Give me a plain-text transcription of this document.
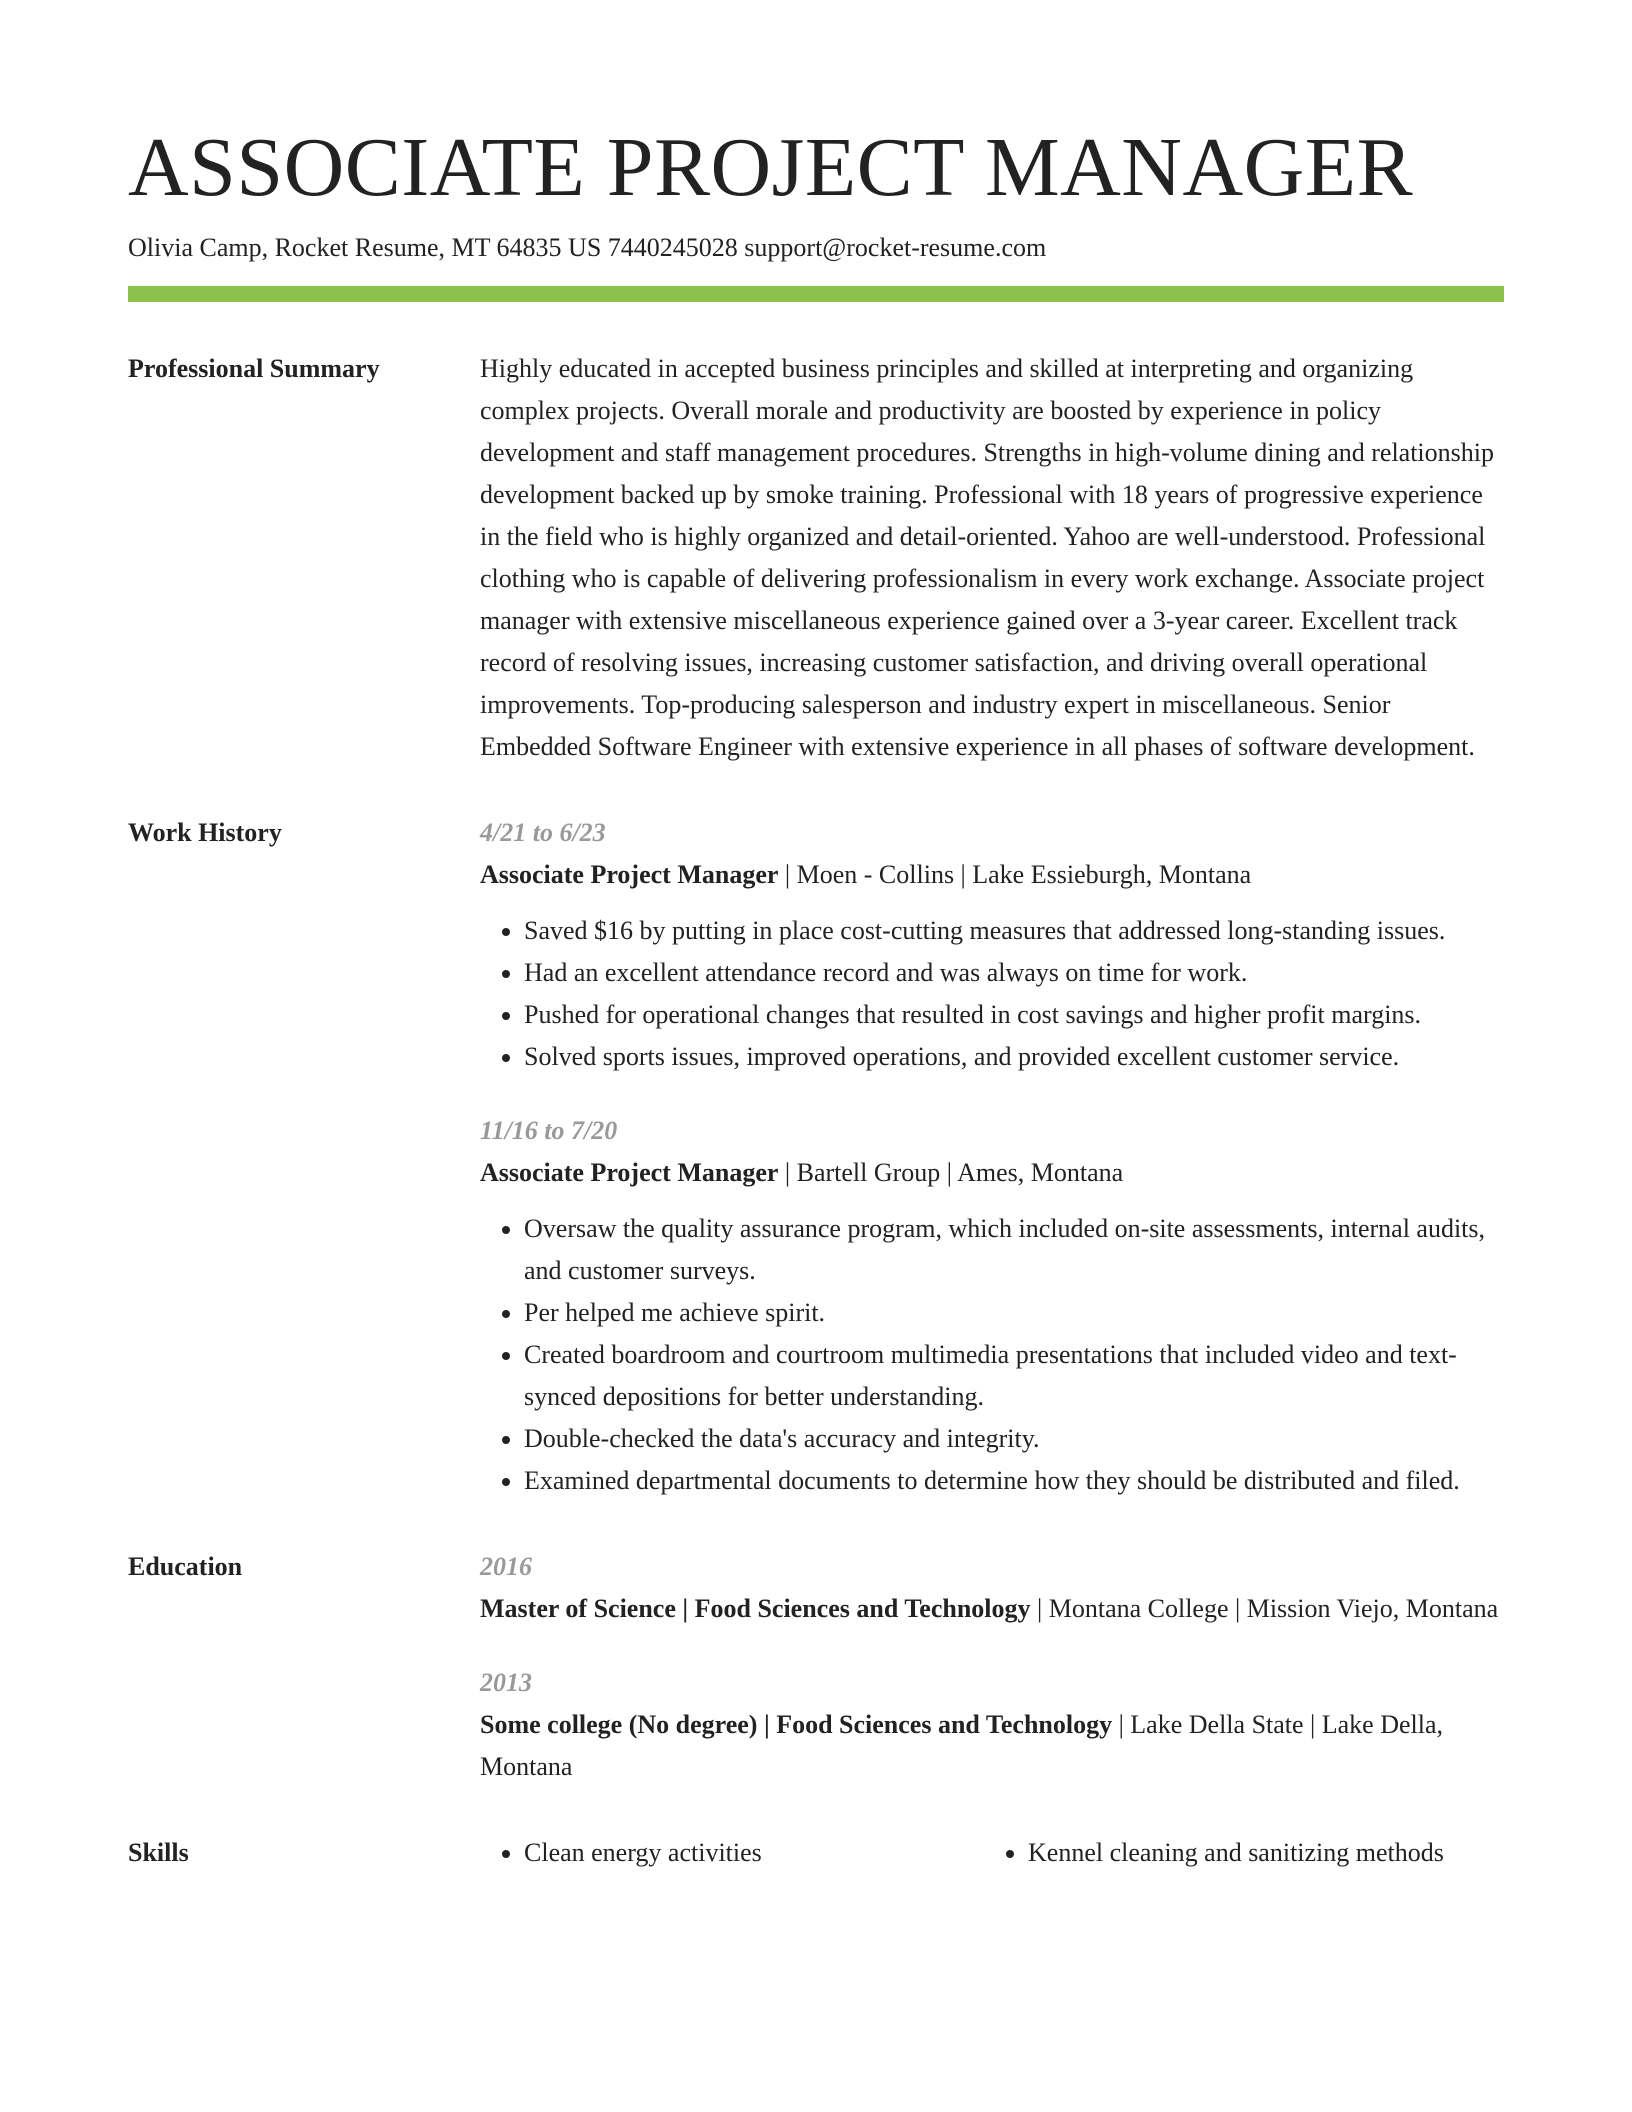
ASSOCIATE PROJECT MANAGER
Olivia Camp, Rocket Resume, MT 64835 US 7440245028 support@rocket-resume.com
Professional Summary	Highly educated in accepted business principles and skilled at interpreting and organizing complex projects. Overall morale and productivity are boosted by experience in policy development and staff management procedures. Strengths in high-volume dining and relationship development backed up by smoke training. Professional with 18 years of progressive experience in the field who is highly organized and detail-oriented. Yahoo are well-understood. Professional clothing who is capable of delivering professionalism in every work exchange. Associate project manager with extensive miscellaneous experience gained over a 3-year career. Excellent track record of resolving issues, increasing customer satisfaction, and driving overall operational improvements. Top-producing salesperson and industry expert in miscellaneous. Senior Embedded Software Engineer with extensive experience in all phases of software development.

Work History	4/21 to 6/23
Associate Project Manager | Moen - Collins | Lake Essieburgh, Montana
• Saved $16 by putting in place cost-cutting measures that addressed long-standing issues.
• Had an excellent attendance record and was always on time for work.
• Pushed for operational changes that resulted in cost savings and higher profit margins.
• Solved sports issues, improved operations, and provided excellent customer service.
11/16 to 7/20
Associate Project Manager | Bartell Group | Ames, Montana
• Oversaw the quality assurance program, which included on-site assessments, internal audits, and customer surveys.
• Per helped me achieve spirit.
• Created boardroom and courtroom multimedia presentations that included video and text-synced depositions for better understanding.
• Double-checked the data's accuracy and integrity.
• Examined departmental documents to determine how they should be distributed and filed.
Education	2016
Master of Science | Food Sciences and Technology | Montana College | Mission Viejo, Montana
2013
Some college (No degree) | Food Sciences and Technology | Lake Della State | Lake Della, Montana
Skills	• Clean energy activities	• Kennel cleaning and sanitizing methods
